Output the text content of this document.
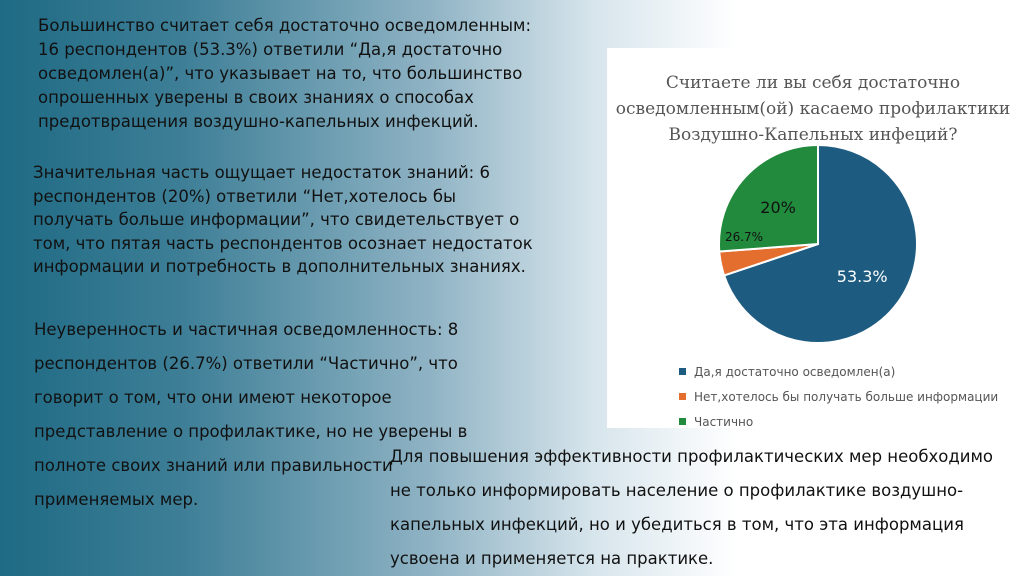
Большинство считает себя достаточно осведомленным: 16 респондентов (53.3%) ответили “Да,я достаточно осведомлен(а)”, что указывает на то, что большинство опрошенных уверены в своих знаниях о способах предотвращения воздушно-капельных инфекций.

Значительная часть ощущает недостаток знаний: 6 респондентов (20%) ответили “Нет,хотелось бы получать больше информации”, что свидетельствует о том, что пятая часть респондентов осознает недостаток информации и потребность в дополнительных знаниях.

Неуверенность и частичная осведомленность: 8 респондентов (26.7%) ответили “Частично”, что говорит о том, что они имеют некоторое представление о профилактике, но не уверены в полноте своих знаний или правильности применяемых мер.

Считаете ли вы себя достаточно
осведомленным(ой) касаемо профилактики
Воздушно-Капельных инфеций?
53.3%
20%
26.7%
Да,я достаточно осведомлен(а)
Нет,хотелось бы получать больше информации
Частично

Для повышения эффективности профилактических мер необходимо не только информировать население о профилактике воздушно-капельных инфекций, но и убедиться в том, что эта информация усвоена и применяется на практике.
